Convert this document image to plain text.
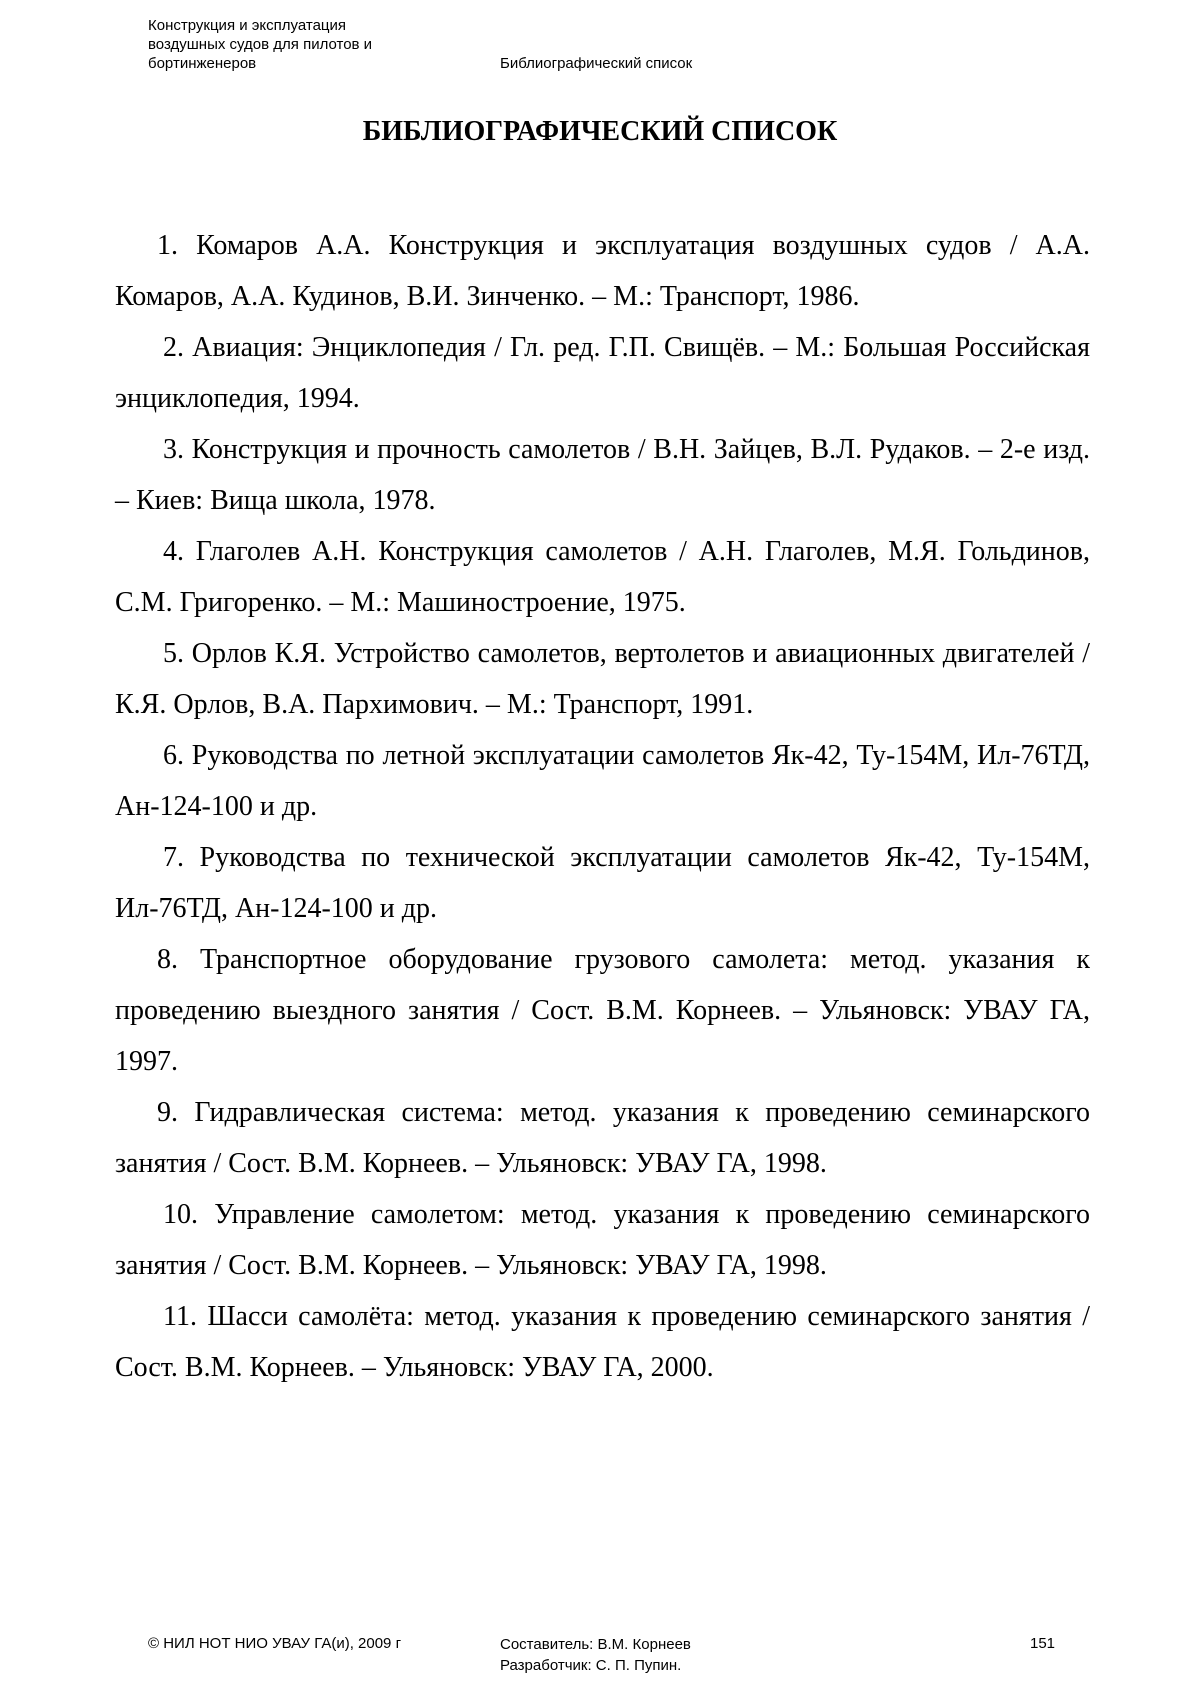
Конструкция и эксплуатация
воздушных судов для пилотов и
бортинженеров	Библиографический список
БИБЛИОГРАФИЧЕСКИЙ СПИСОК
1. Комаров А.А. Конструкция и эксплуатация воздушных судов / А.А. Комаров, А.А. Кудинов, В.И. Зинченко. – М.: Транспорт, 1986.
2. Авиация: Энциклопедия / Гл. ред. Г.П. Свищёв. – М.: Большая Российская энциклопедия, 1994.
3. Конструкция и прочность самолетов / В.Н. Зайцев, В.Л. Рудаков. – 2-е изд. – Киев: Вища школа, 1978.
4. Глаголев А.Н. Конструкция самолетов / А.Н. Глаголев, М.Я. Гольдинов, С.М. Григоренко. – М.: Машиностроение, 1975.
5. Орлов К.Я. Устройство самолетов, вертолетов и авиационных двигателей / К.Я. Орлов, В.А. Пархимович. – М.: Транспорт, 1991.
6. Руководства по летной эксплуатации самолетов Як-42, Ту-154М, Ил-76ТД, Ан-124-100 и др.
7. Руководства по технической эксплуатации самолетов Як-42, Ту-154М, Ил-76ТД, Ан-124-100 и др.
8. Транспортное оборудование грузового самолета: метод. указания к проведению выездного занятия / Сост. В.М. Корнеев. – Ульяновск: УВАУ ГА, 1997.
9. Гидравлическая система: метод. указания к проведению семинарского занятия / Сост. В.М. Корнеев. – Ульяновск: УВАУ ГА, 1998.
10. Управление самолетом: метод. указания к проведению семинарского занятия / Сост. В.М. Корнеев. – Ульяновск: УВАУ ГА, 1998.
11. Шасси самолёта: метод. указания к проведению семинарского занятия / Сост. В.М. Корнеев. – Ульяновск: УВАУ ГА, 2000.
© НИЛ НОТ НИО УВАУ ГА(и), 2009 г	Составитель: В.М. Корнеев
Разработчик: С. П. Пупин.
151
